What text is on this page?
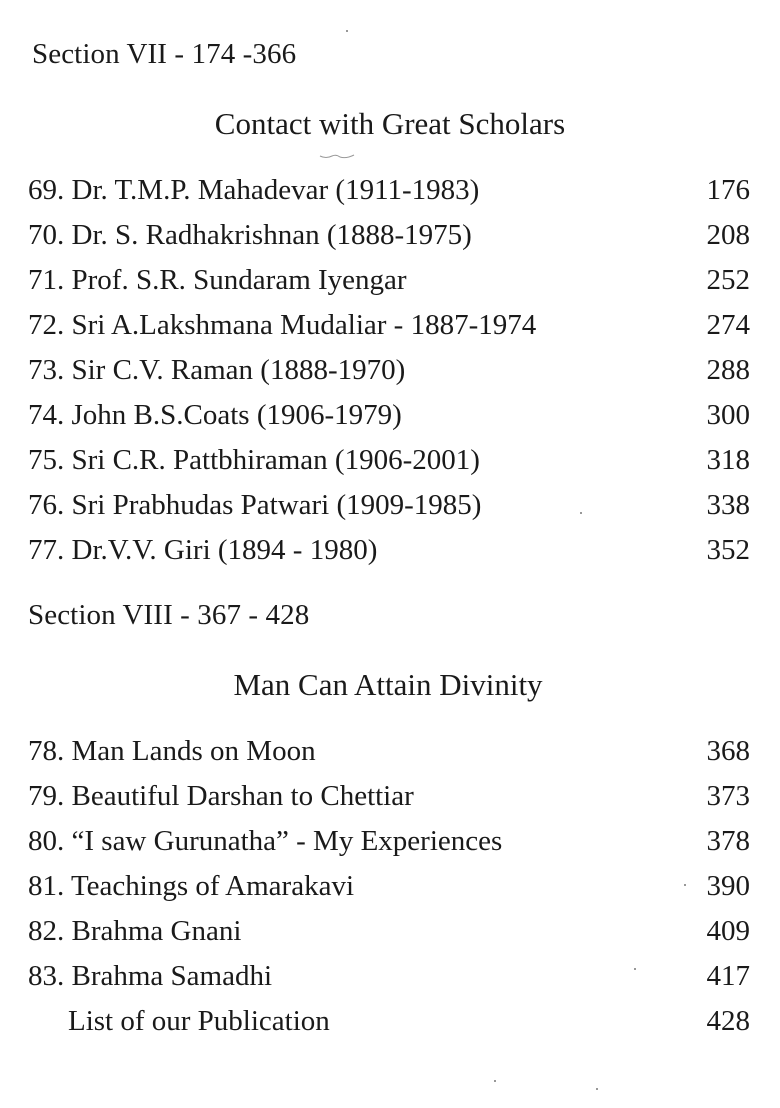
Section VII - 174 -366
Contact with Great Scholars
69. Dr. T.M.P. Mahadevar (1911-1983)	176
70. Dr. S. Radhakrishnan (1888-1975)	208
71. Prof. S.R. Sundaram Iyengar	252
72. Sri A.Lakshmana Mudaliar - 1887-1974	274
73. Sir C.V. Raman (1888-1970)	288
74. John B.S.Coats (1906-1979)	300
75. Sri C.R. Pattbhiraman (1906-2001)	318
76. Sri Prabhudas Patwari (1909-1985)	338
77. Dr.V.V. Giri (1894 - 1980)	352
Section VIII - 367 - 428
Man Can Attain Divinity
78. Man Lands on Moon	368
79. Beautiful Darshan to Chettiar	373
80. “I saw Gurunatha” - My Experiences	378
81. Teachings of Amarakavi	390
82. Brahma Gnani	409
83. Brahma Samadhi	417
List of our Publication	428
